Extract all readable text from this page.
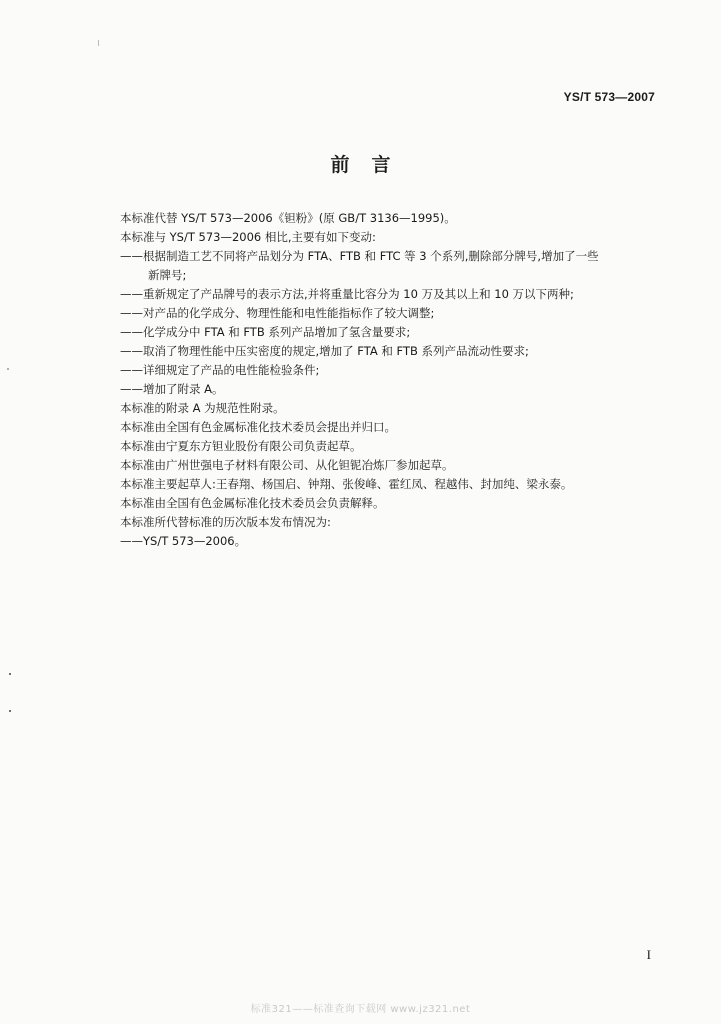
YS/T 573—2007
前言
本标准代替 YS/T 573—2006《钽粉》(原 GB/T 3136—1995)。
本标准与 YS/T 573—2006 相比,主要有如下变动:
——根据制造工艺不同将产品划分为 FTA、FTB 和 FTC 等 3 个系列,删除部分牌号,增加了一些
新牌号;
——重新规定了产品牌号的表示方法,并将重量比容分为 10 万及其以上和 10 万以下两种;
——对产品的化学成分、物理性能和电性能指标作了较大调整;
——化学成分中 FTA 和 FTB 系列产品增加了氢含量要求;
——取消了物理性能中压实密度的规定,增加了 FTA 和 FTB 系列产品流动性要求;
——详细规定了产品的电性能检验条件;
——增加了附录 A。
本标准的附录 A 为规范性附录。
本标准由全国有色金属标准化技术委员会提出并归口。
本标准由宁夏东方钽业股份有限公司负责起草。
本标准由广州世强电子材料有限公司、从化钽铌冶炼厂参加起草。
本标准主要起草人:王春翔、杨国启、钟翔、张俊峰、霍红凤、程越伟、封加纯、梁永泰。
本标准由全国有色金属标准化技术委员会负责解释。
本标准所代替标准的历次版本发布情况为:
——YS/T 573—2006。
I
标准321——标准查询下载网 www.jz321.net
